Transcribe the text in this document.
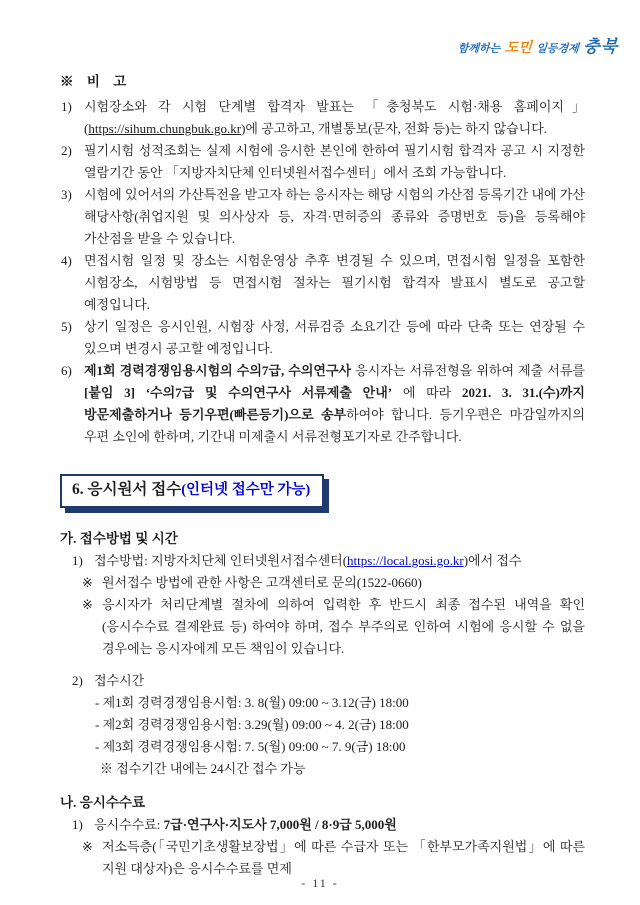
함께하는 도민 일등경제 충북
※ 비 고
1) 시험장소와 각 시험 단계별 합격자 발표는 「충청북도 시험·채용 홈페이지」(https://sihum.chungbuk.go.kr)에 공고하고, 개별통보(문자, 전화 등)는 하지 않습니다.
2) 필기시험 성적조회는 실제 시험에 응시한 본인에 한하여 필기시험 합격자 공고 시 지정한 열람기간 동안 「지방자치단체 인터넷원서접수센터」에서 조회 가능합니다.
3) 시험에 있어서의 가산특전을 받고자 하는 응시자는 해당 시험의 가산점 등록기간 내에 가산 해당사항(취업지원 및 의사상자 등, 자격·면허증의 종류와 증명번호 등)을 등록해야 가산점을 받을 수 있습니다.
4) 면접시험 일정 및 장소는 시험운영상 추후 변경될 수 있으며, 면접시험 일정을 포함한 시험장소, 시험방법 등 면접시험 절차는 필기시험 합격자 발표시 별도로 공고할 예정입니다.
5) 상기 일정은 응시인원, 시험장 사정, 서류검증 소요기간 등에 따라 단축 또는 연장될 수 있으며 변경시 공고할 예정입니다.
6) 제1회 경력경쟁임용시험의 수의7급, 수의연구사 응시자는 서류전형을 위하여 제출 서류를 [붙임 3] ‘수의7급 및 수의연구사 서류제출 안내’ 에 따라 2021. 3. 31.(수)까지 방문제출하거나 등기우편(빠른등기)으로 송부하여야 합니다. 등기우편은 마감일까지의 우편 소인에 한하며, 기간내 미제출시 서류전형포기자로 간주합니다.
6. 응시원서 접수(인터넷 접수만 가능)
가. 접수방법 및 시간
1) 접수방법: 지방자치단체 인터넷원서접수센터(https://local.gosi.go.kr)에서 접수
※ 원서접수 방법에 관한 사항은 고객센터로 문의(1522-0660)
※ 응시자가 처리단계별 절차에 의하여 입력한 후 반드시 최종 접수된 내역을 확인(응시수수료 결제완료 등) 하여야 하며, 접수 부주의로 인하여 시험에 응시할 수 없을 경우에는 응시자에게 모든 책임이 있습니다.
2) 접수시간
- 제1회 경력경쟁임용시험: 3. 8(월) 09:00 ~ 3.12(금) 18:00
- 제2회 경력경쟁임용시험: 3.29(월) 09:00 ~ 4. 2(금) 18:00
- 제3회 경력경쟁임용시험: 7. 5(월) 09:00 ~ 7. 9(금) 18:00
※ 접수기간 내에는 24시간 접수 가능
나. 응시수수료
1) 응시수수료: 7급·연구사·지도사 7,000원 / 8·9급 5,000원
※ 저소득층(「국민기초생활보장법」에 따른 수급자 또는 「한부모가족지원법」에 따른 지원 대상자)은 응시수수료를 면제
- 11 -
